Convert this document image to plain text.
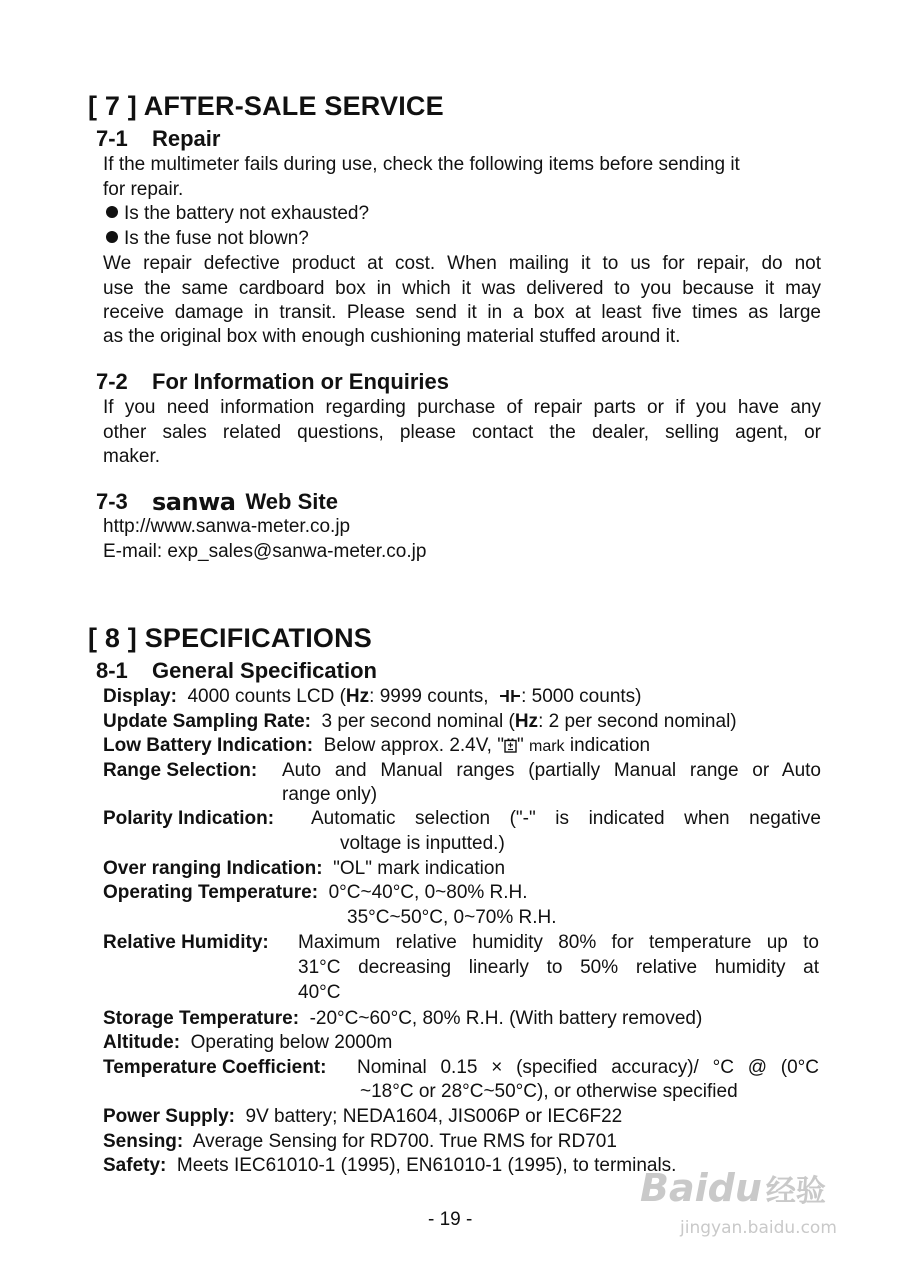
[ 7 ] AFTER-SALE SERVICE
7-1 Repair
If the multimeter fails during use, check the following items before sending it
for repair.
Is the battery not exhausted?
Is the fuse not blown?
We repair defective product at cost. When mailing it to us for repair, do not
use the same cardboard box in which it was delivered to you because it may
receive damage in transit. Please send it in a box at least five times as large
as the original box with enough cushioning material stuffed around it.
7-2 For Information or Enquiries
If you need information regarding purchase of repair parts or if you have any
other sales related questions, please contact the dealer, selling agent, or
maker.
7-3 sanwa Web Site
http://www.sanwa-meter.co.jp
E-mail: exp_sales@sanwa-meter.co.jp
[ 8 ] SPECIFICATIONS
8-1 General Specification
Display: 4000 counts LCD (Hz: 9999 counts, : 5000 counts)
Update Sampling Rate: 3 per second nominal (Hz: 2 per second nominal)
Low Battery Indication: Below approx. 2.4V, " " mark indication
Range Selection: Auto and Manual ranges (partially Manual range or Auto
range only)
Polarity Indication: Automatic selection ("-" is indicated when negative
voltage is inputted.)
Over ranging Indication: "OL" mark indication
Operating Temperature: 0°C~40°C, 0~80% R.H.
35°C~50°C, 0~70% R.H.
Relative Humidity: Maximum relative humidity 80% for temperature up to
31°C decreasing linearly to 50% relative humidity at
40°C
Storage Temperature: -20°C~60°C, 80% R.H. (With battery removed)
Altitude: Operating below 2000m
Temperature Coefficient: Nominal 0.15 × (specified accuracy)/ °C @ (0°C
~18°C or 28°C~50°C), or otherwise specified
Power Supply: 9V battery; NEDA1604, JIS006P or IEC6F22
Sensing: Average Sensing for RD700. True RMS for RD701
Safety: Meets IEC61010-1 (1995), EN61010-1 (1995), to terminals.
- 19 -
Baidu 经验
jingyan.baidu.com
